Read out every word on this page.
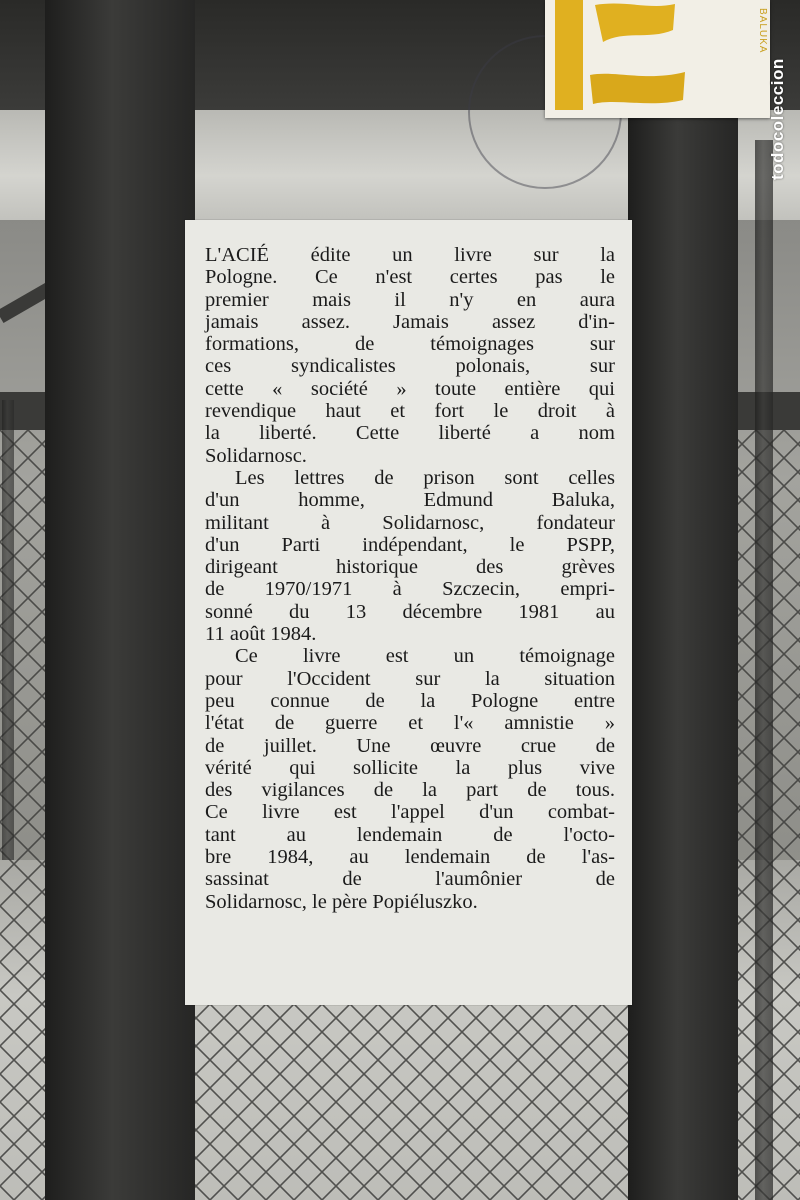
BALUKA
todocoleccion
L'ACIÉ édite un livre sur la
Pologne. Ce n'est certes pas le
premier mais il n'y en aura
jamais assez. Jamais assez d'in-
formations, de témoignages sur
ces syndicalistes polonais, sur
cette « société » toute entière qui
revendique haut et fort le droit à
la liberté. Cette liberté a nom
Solidarnosc.
Les lettres de prison sont celles
d'un homme, Edmund Baluka,
militant à Solidarnosc, fondateur
d'un Parti indépendant, le PSPP,
dirigeant historique des grèves
de 1970/1971 à Szczecin, empri-
sonné du 13 décembre 1981 au
11 août 1984.
Ce livre est un témoignage
pour l'Occident sur la situation
peu connue de la Pologne entre
l'état de guerre et l'« amnistie »
de juillet. Une œuvre crue de
vérité qui sollicite la plus vive
des vigilances de la part de tous.
Ce livre est l'appel d'un combat-
tant au lendemain de l'octo-
bre 1984, au lendemain de l'as-
sassinat de l'aumônier de
Solidarnosc, le père Popiéluszko.
